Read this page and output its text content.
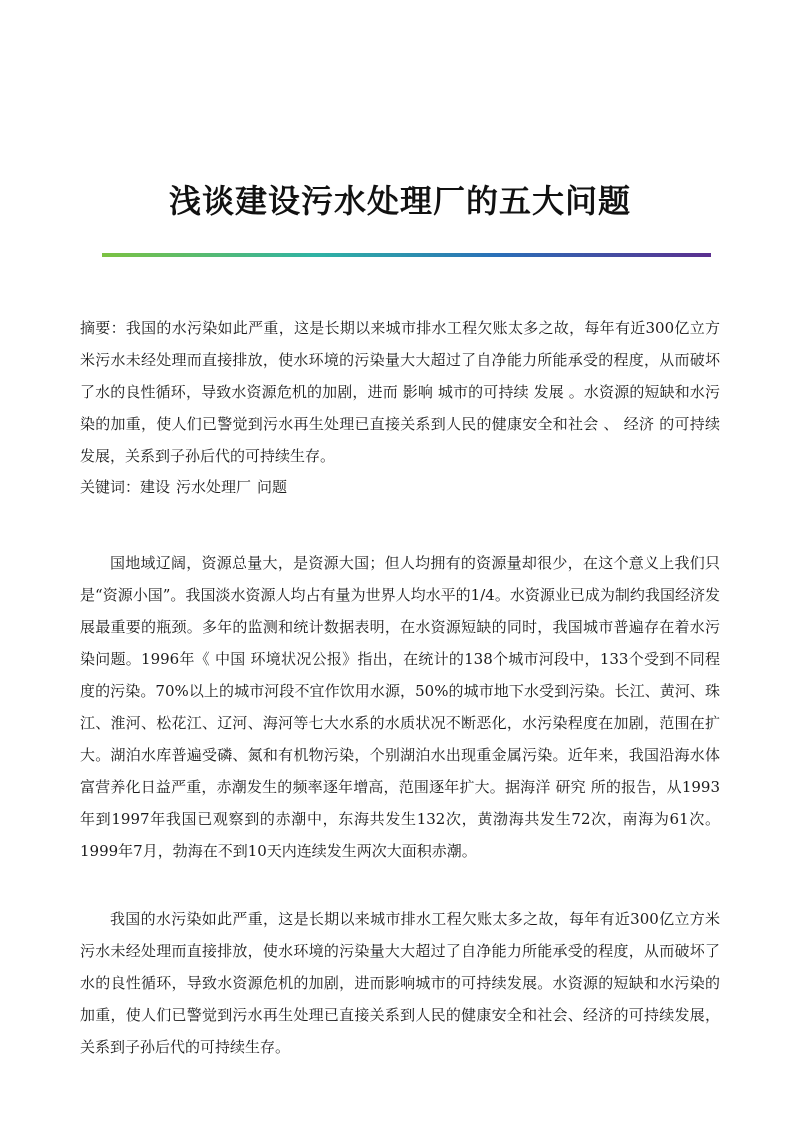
浅谈建设污水处理厂的五大问题

摘要：我国的水污染如此严重，这是长期以来城市排水工程欠账太多之故，每年有近300亿立方米污水未经处理而直接排放，使水环境的污染量大大超过了自净能力所能承受的程度，从而破坏了水的良性循环，导致水资源危机的加剧，进而 影响 城市的可持续 发展 。水资源的短缺和水污染的加重，使人们已警觉到污水再生处理已直接关系到人民的健康安全和社会 、 经济 的可持续发展，关系到子孙后代的可持续生存。

关键词：建设 污水处理厂 问题

国地域辽阔，资源总量大，是资源大国；但人均拥有的资源量却很少，在这个意义上我们只是“资源小国”。我国淡水资源人均占有量为世界人均水平的1/4。水资源业已成为制约我国经济发展最重要的瓶颈。多年的监测和统计数据表明，在水资源短缺的同时，我国城市普遍存在着水污染问题。1996年《 中国 环境状况公报》指出，在统计的138个城市河段中，133个受到不同程度的污染。70%以上的城市河段不宜作饮用水源，50%的城市地下水受到污染。长江、黄河、珠江、淮河、松花江、辽河、海河等七大水系的水质状况不断恶化，水污染程度在加剧，范围在扩大。湖泊水库普遍受磷、氮和有机物污染，个别湖泊水出现重金属污染。近年来，我国沿海水体富营养化日益严重，赤潮发生的频率逐年增高，范围逐年扩大。据海洋 研究 所的报告，从1993年到1997年我国已观察到的赤潮中，东海共发生132次，黄渤海共发生72次，南海为61次。1999年7月，勃海在不到10天内连续发生两次大面积赤潮。

我国的水污染如此严重，这是长期以来城市排水工程欠账太多之故，每年有近300亿立方米污水未经处理而直接排放，使水环境的污染量大大超过了自净能力所能承受的程度，从而破坏了水的良性循环，导致水资源危机的加剧，进而影响城市的可持续发展。水资源的短缺和水污染的加重，使人们已警觉到污水再生处理已直接关系到人民的健康安全和社会、经济的可持续发展，关系到子孙后代的可持续生存。
